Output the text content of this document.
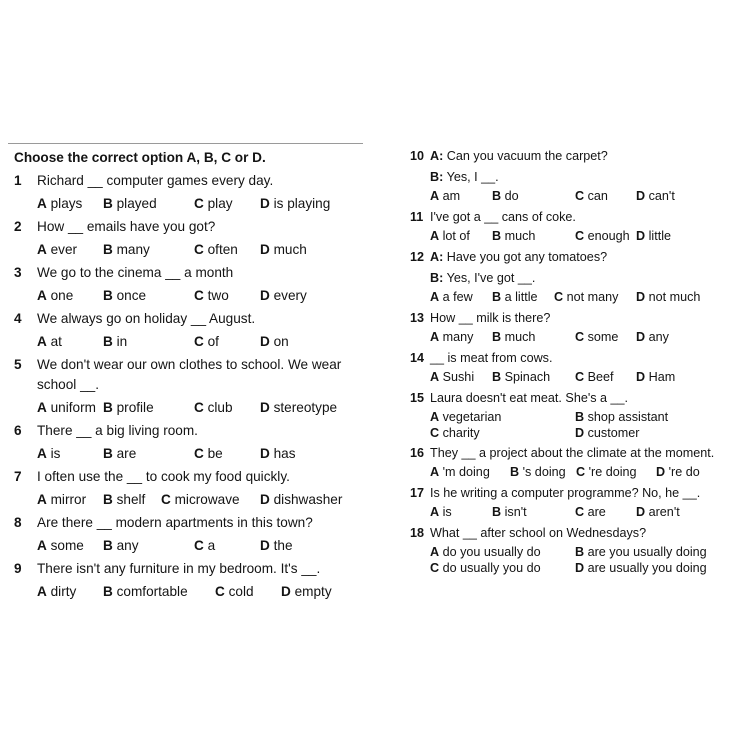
Choose the correct option A, B, C or D.
1	Richard __ computer games every day.
A plays	B played	C play	D is playing
2	How __ emails have you got?
A ever	B many	C often	D much
3	We go to the cinema __ a month
A one	B once	C two	D every
4	We always go on holiday __ August.
A at	B in	C of	D on
5	We don't wear our own clothes to school. We wear school __.
A uniform B profile	C club	D stereotype
6	There __ a big living room.
A is	B are	C be	D has
7	I often use the __ to cook my food quickly.
A mirror	B shelf	C microwave	D dishwasher
8	Are there __ modern apartments in this town?
A some	B any	C a	D the
9	There isn't any furniture in my bedroom. It's __.
A dirty	B comfortable	C cold	D empty
10 A: Can you vacuum the carpet?
B: Yes, I __.
A am	B do	C can	D can't
11 I've got a __ cans of coke.
A lot of	B much	C enough D little
12 A: Have you got any tomatoes?
B: Yes, I've got __.
A a few	B a little	C not many	D not much
13 How __ milk is there?
A many	B much	C some	D any
14 __ is meat from cows.
A Sushi	B Spinach	C Beef	D Ham
15 Laura doesn't eat meat. She's a __.
A vegetarian	B shop assistant
C charity	D customer
16 They __ a project about the climate at the moment.
A 'm doing	B 's doing C 're doing	D 're do
17 Is he writing a computer programme? No, he __.
A is	B isn't	C are	D aren't
18 What __ after school on Wednesdays?
A do you usually do	B are you usually doing
C do usually you do	D are usually you doing
